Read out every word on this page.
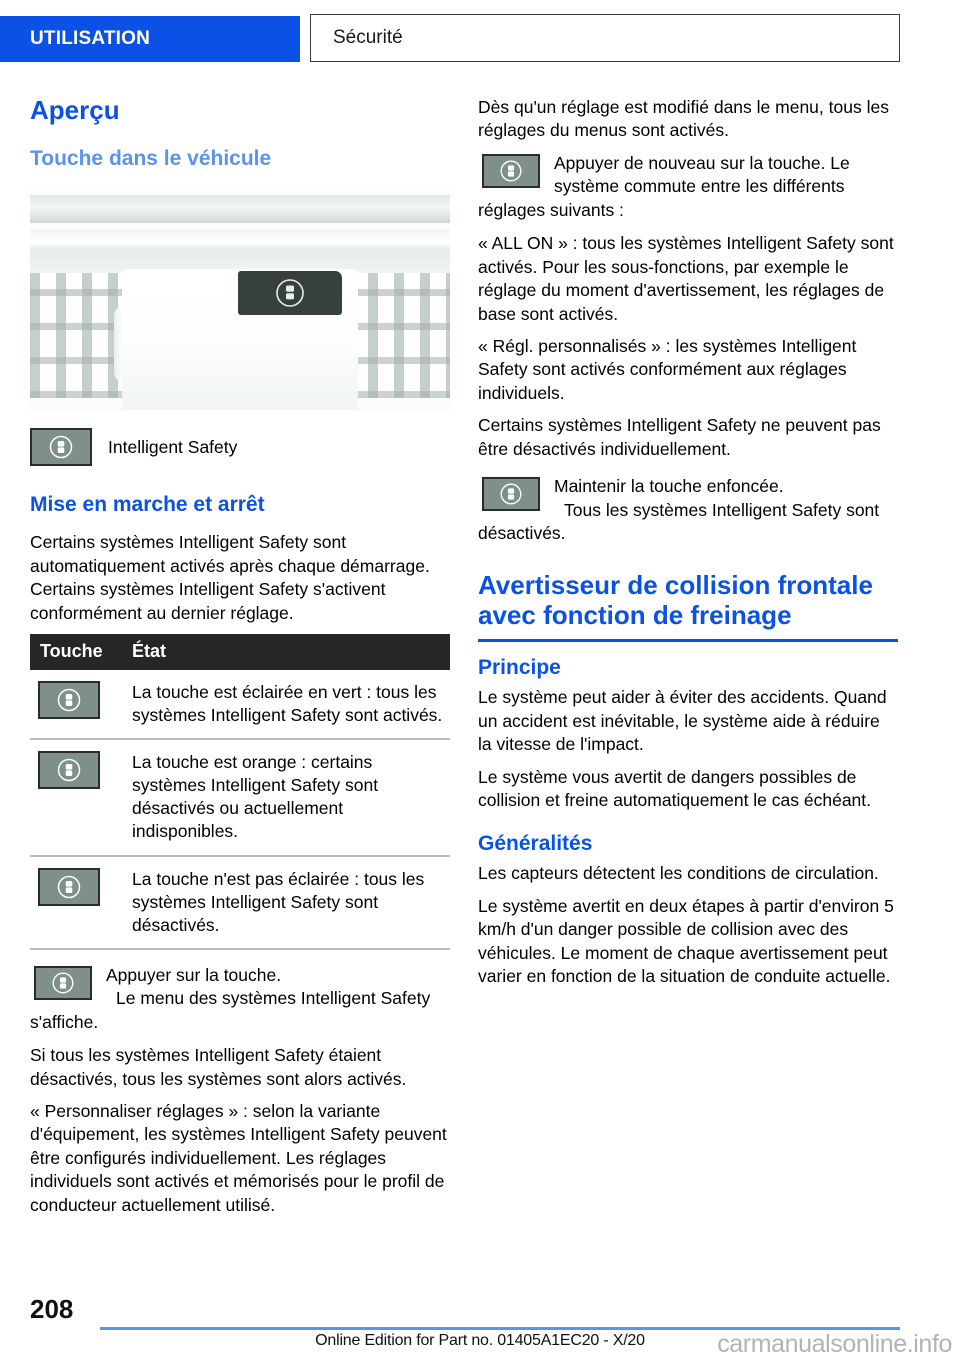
UTILISATION	Sécurité
Aperçu
Touche dans le véhicule
Intelligent Safety
Mise en marche et arrêt

Certains systèmes Intelligent Safety sont automatiquement activés après chaque démarrage. Certains systèmes Intelligent Safety s'activent conformément au dernier réglage.

Touche	État

	La touche est éclairée en vert : tous les systèmes Intelligent Safety sont activés.

	La touche est orange : certains systèmes Intelligent Safety sont désactivés ou actuellement indisponibles.

	La touche n'est pas éclairée : tous les systèmes Intelligent Safety sont désactivés.
Appuyer sur la touche.
Le menu des systèmes Intelligent Safety s'affiche.

Si tous les systèmes Intelligent Safety étaient désactivés, tous les systèmes sont alors activés.

« Personnaliser réglages » : selon la variante d'équipement, les systèmes Intelligent Safety peuvent être configurés individuellement. Les réglages individuels sont activés et mémorisés pour le profil de conducteur actuellement utilisé.

Dès qu'un réglage est modifié dans le menu, tous les réglages du menus sont activés.

Appuyer de nouveau sur la touche. Le système commute entre les différents réglages suivants :

« ALL ON » : tous les systèmes Intelligent Safety sont activés. Pour les sous-fonctions, par exemple le réglage du moment d'avertissement, les réglages de base sont activés.

« Régl. personnalisés » : les systèmes Intelligent Safety sont activés conformément aux réglages individuels.

Certains systèmes Intelligent Safety ne peuvent pas être désactivés individuellement.

Maintenir la touche enfoncée.
Tous les systèmes Intelligent Safety sont désactivés.
Avertisseur de collision frontale avec fonction de freinage
Principe

Le système peut aider à éviter des accidents. Quand un accident est inévitable, le système aide à réduire la vitesse de l'impact.

Le système vous avertit de dangers possibles de collision et freine automatiquement le cas échéant.

Généralités

Les capteurs détectent les conditions de circulation.

Le système avertit en deux étapes à partir d'environ 5 km/h d'un danger possible de collision avec des véhicules. Le moment de chaque avertissement peut varier en fonction de la situation de conduite actuelle.

208
Online Edition for Part no. 01405A1EC20 - X/20	carmanualsonline.info
